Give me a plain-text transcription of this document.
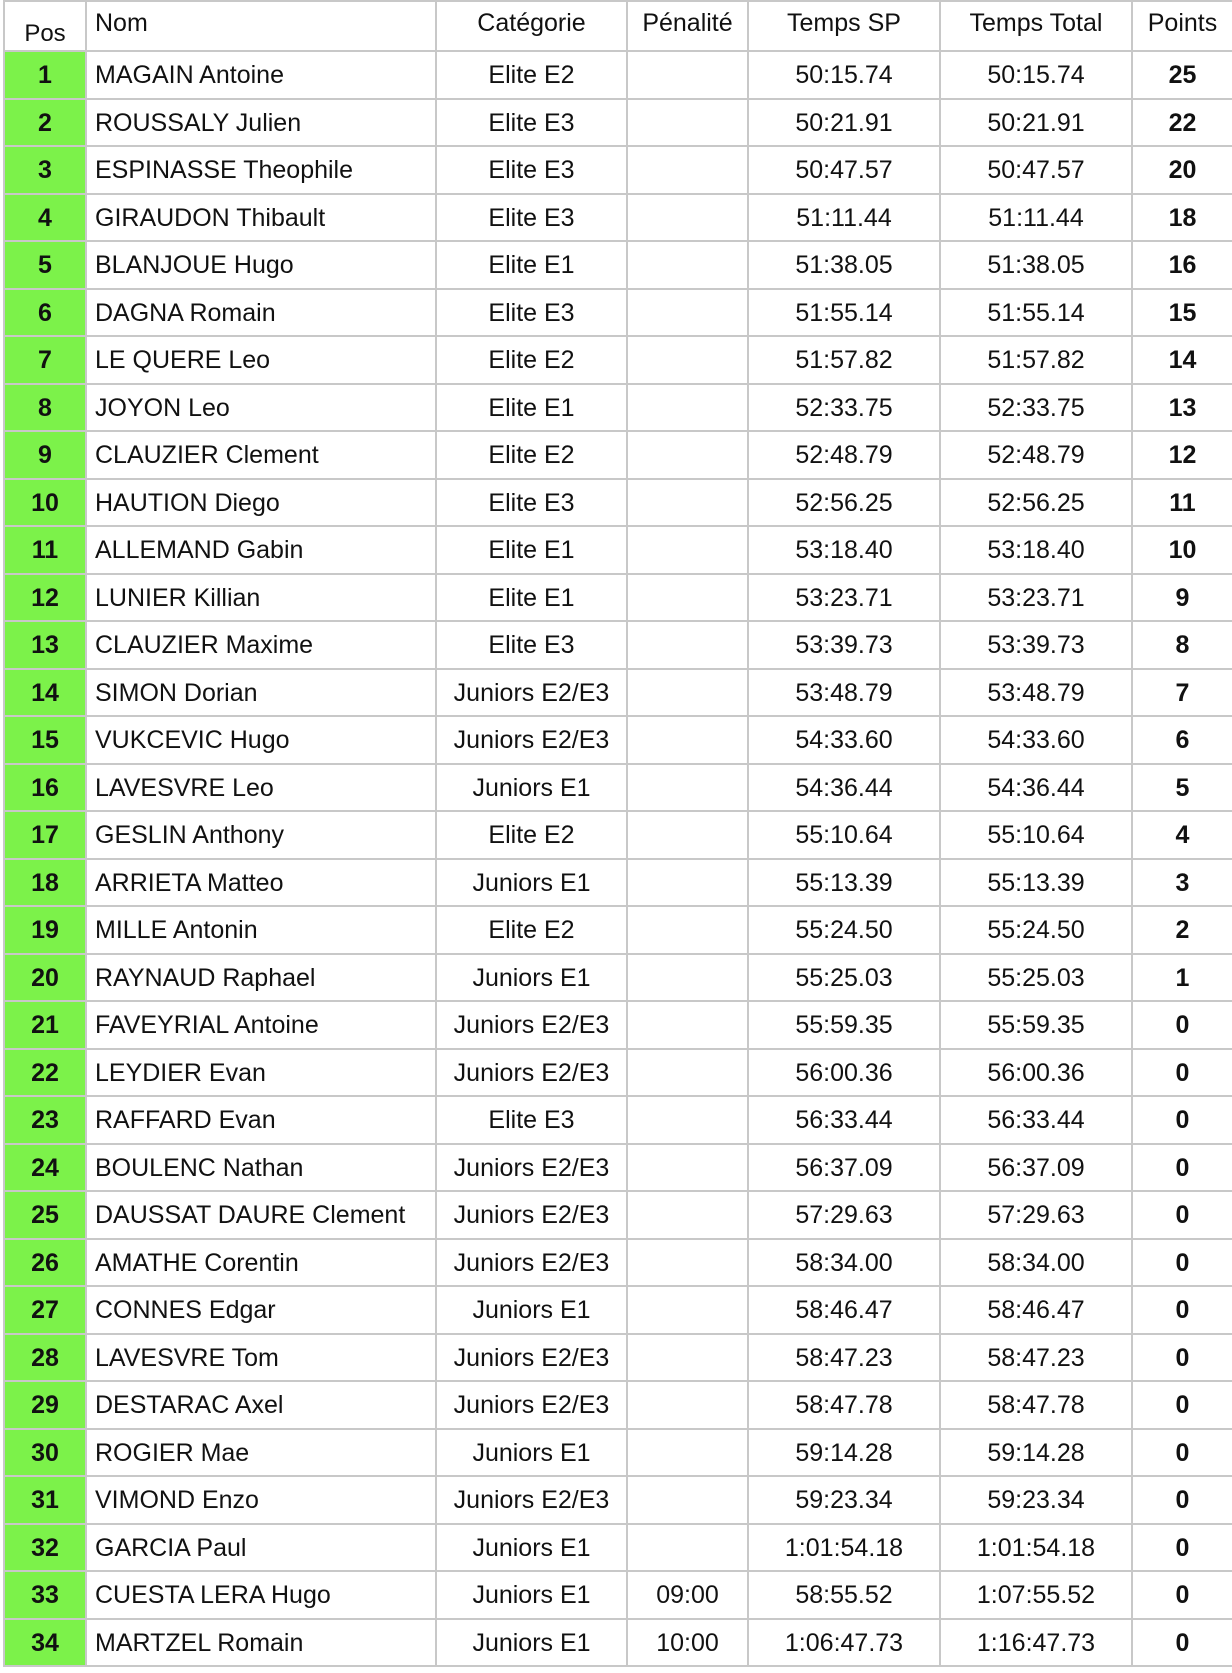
Pos	Nom	Catégorie	Pénalité	Temps SP	Temps Total	Points
1	MAGAIN Antoine	Elite E2		50:15.74	50:15.74	25
2	ROUSSALY Julien	Elite E3		50:21.91	50:21.91	22
3	ESPINASSE Theophile	Elite E3		50:47.57	50:47.57	20
4	GIRAUDON Thibault	Elite E3		51:11.44	51:11.44	18
5	BLANJOUE Hugo	Elite E1		51:38.05	51:38.05	16
6	DAGNA Romain	Elite E3		51:55.14	51:55.14	15
7	LE QUERE Leo	Elite E2		51:57.82	51:57.82	14
8	JOYON Leo	Elite E1		52:33.75	52:33.75	13
9	CLAUZIER Clement	Elite E2		52:48.79	52:48.79	12
10	HAUTION Diego	Elite E3		52:56.25	52:56.25	11
11	ALLEMAND Gabin	Elite E1		53:18.40	53:18.40	10
12	LUNIER Killian	Elite E1		53:23.71	53:23.71	9
13	CLAUZIER Maxime	Elite E3		53:39.73	53:39.73	8
14	SIMON Dorian	Juniors E2/E3		53:48.79	53:48.79	7
15	VUKCEVIC Hugo	Juniors E2/E3		54:33.60	54:33.60	6
16	LAVESVRE Leo	Juniors E1		54:36.44	54:36.44	5
17	GESLIN Anthony	Elite E2		55:10.64	55:10.64	4
18	ARRIETA Matteo	Juniors E1		55:13.39	55:13.39	3
19	MILLE Antonin	Elite E2		55:24.50	55:24.50	2
20	RAYNAUD Raphael	Juniors E1		55:25.03	55:25.03	1
21	FAVEYRIAL Antoine	Juniors E2/E3		55:59.35	55:59.35	0
22	LEYDIER Evan	Juniors E2/E3		56:00.36	56:00.36	0
23	RAFFARD Evan	Elite E3		56:33.44	56:33.44	0
24	BOULENC Nathan	Juniors E2/E3		56:37.09	56:37.09	0
25	DAUSSAT DAURE Clement	Juniors E2/E3		57:29.63	57:29.63	0
26	AMATHE Corentin	Juniors E2/E3		58:34.00	58:34.00	0
27	CONNES Edgar	Juniors E1		58:46.47	58:46.47	0
28	LAVESVRE Tom	Juniors E2/E3		58:47.23	58:47.23	0
29	DESTARAC Axel	Juniors E2/E3		58:47.78	58:47.78	0
30	ROGIER Mae	Juniors E1		59:14.28	59:14.28	0
31	VIMOND Enzo	Juniors E2/E3		59:23.34	59:23.34	0
32	GARCIA Paul	Juniors E1		1:01:54.18	1:01:54.18	0
33	CUESTA LERA Hugo	Juniors E1	09:00	58:55.52	1:07:55.52	0
34	MARTZEL Romain	Juniors E1	10:00	1:06:47.73	1:16:47.73	0
